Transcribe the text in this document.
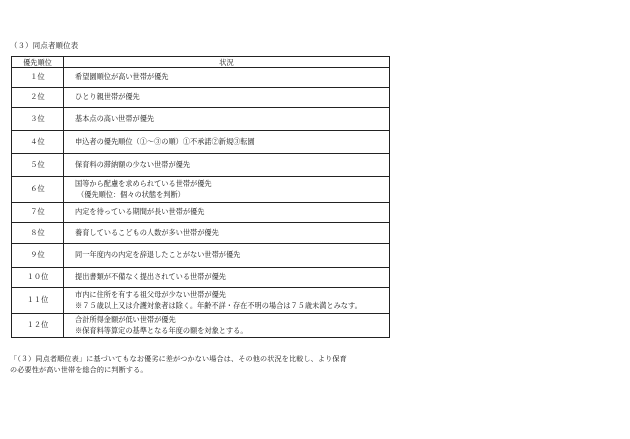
（３）同点者順位表
優先順位	状況
１位	希望園順位が高い世帯が優先

２位	ひとり親世帯が優先

３位	基本点の高い世帯が優先

４位	申込者の優先順位（①～③の順）①不承諾②新規③転園

５位	保育料の滞納額の少ない世帯が優先

６位	国等から配慮を求められている世帯が優先
（優先順位：個々の状態を判断）

７位	内定を待っている期間が長い世帯が優先

８位	養育しているこどもの人数が多い世帯が優先

９位	同一年度内の内定を辞退したことがない世帯が優先

１０位	提出書類が不備なく提出されている世帯が優先

１１位	市内に住所を有する祖父母が少ない世帯が優先
※７５歳以上又は介護対象者は除く。年齢不詳・存在不明の場合は７５歳未満とみなす。

１２位	合計所得金額が低い世帯が優先
※保育料等算定の基準となる年度の額を対象とする。
「（３）同点者順位表」に基づいてもなお優劣に差がつかない場合は、その他の状況を比較し、より保育
の必要性が高い世帯を総合的に判断する。
